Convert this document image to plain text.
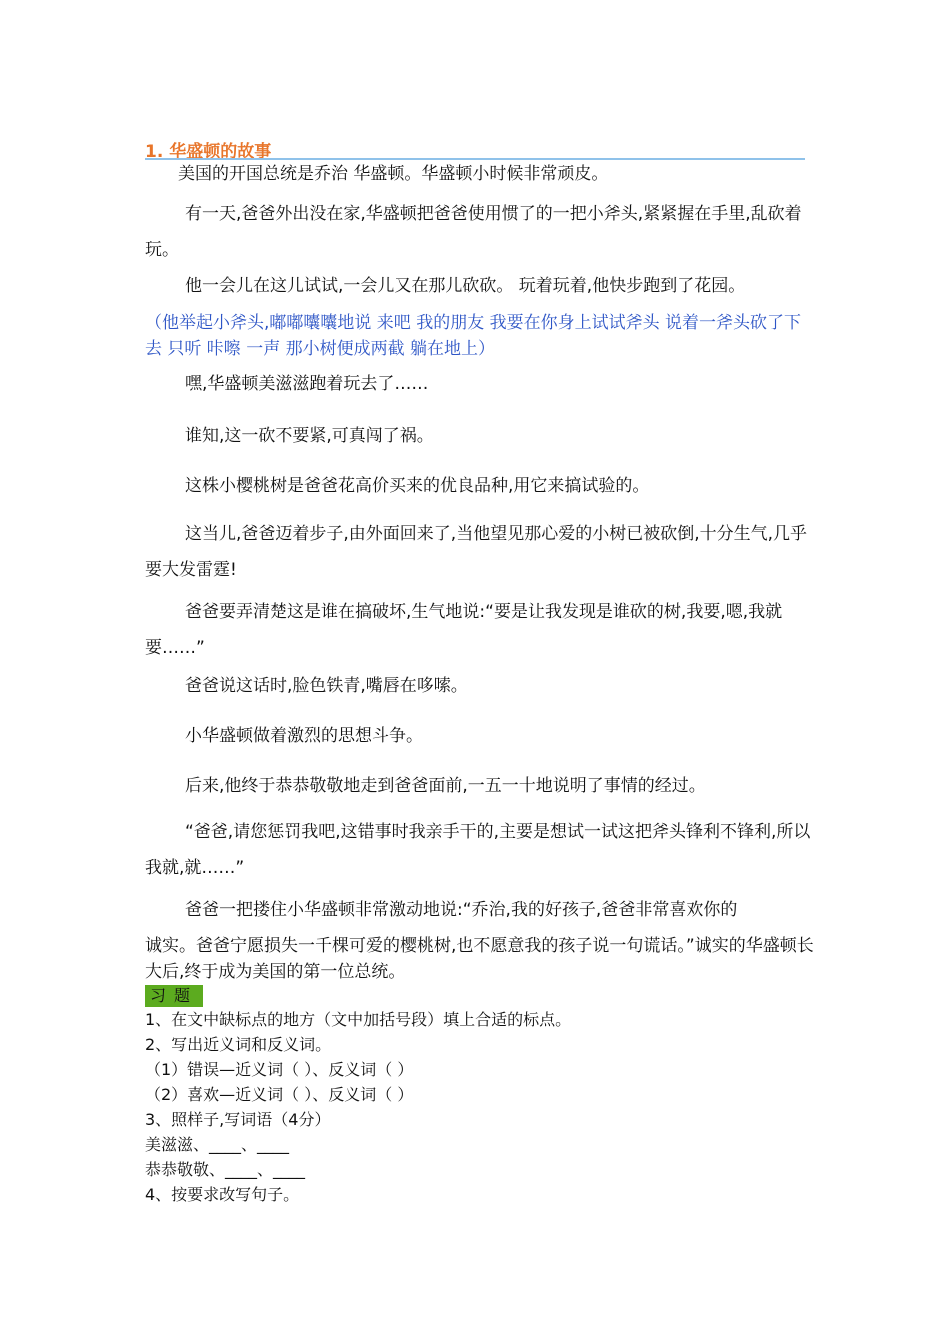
1. 华盛顿的故事

美国的开国总统是乔治 华盛顿。华盛顿小时候非常顽皮。

有一天,爸爸外出没在家,华盛顿把爸爸使用惯了的一把小斧头,紧紧握在手里,乱砍着玩。

他一会儿在这儿试试,一会儿又在那儿砍砍。 玩着玩着,他快步跑到了花园。

（他举起小斧头,嘟嘟囔囔地说 来吧 我的朋友 我要在你身上试试斧头 说着一斧头砍了下去 只听 咔嚓 一声 那小树便成两截 躺在地上）

嘿,华盛顿美滋滋跑着玩去了……

谁知,这一砍不要紧,可真闯了祸。

这株小樱桃树是爸爸花高价买来的优良品种,用它来搞试验的。

这当儿,爸爸迈着步子,由外面回来了,当他望见那心爱的小树已被砍倒,十分生气,几乎要大发雷霆!

爸爸要弄清楚这是谁在搞破坏,生气地说:“要是让我发现是谁砍的树,我要,嗯,我就要……”

爸爸说这话时,脸色铁青,嘴唇在哆嗦。

小华盛顿做着激烈的思想斗争。

后来,他终于恭恭敬敬地走到爸爸面前,一五一十地说明了事情的经过。

“爸爸,请您惩罚我吧,这错事时我亲手干的,主要是想试一试这把斧头锋利不锋利,所以我就,就……”

爸爸一把搂住小华盛顿非常激动地说:“乔治,我的好孩子,爸爸非常喜欢你的

诚实。爸爸宁愿损失一千棵可爱的樱桃树,也不愿意我的孩子说一句谎话。”诚实的华盛顿长大后,终于成为美国的第一位总统。

习题
1、在文中缺标点的地方（文中加括号段）填上合适的标点。
2、写出近义词和反义词。
（1）错误—近义词（ ）、反义词（ ）
（2）喜欢—近义词（ ）、反义词（ ）
3、照样子,写词语（4分）
美滋滋、____、____
恭恭敬敬、____、____
4、按要求改写句子。
